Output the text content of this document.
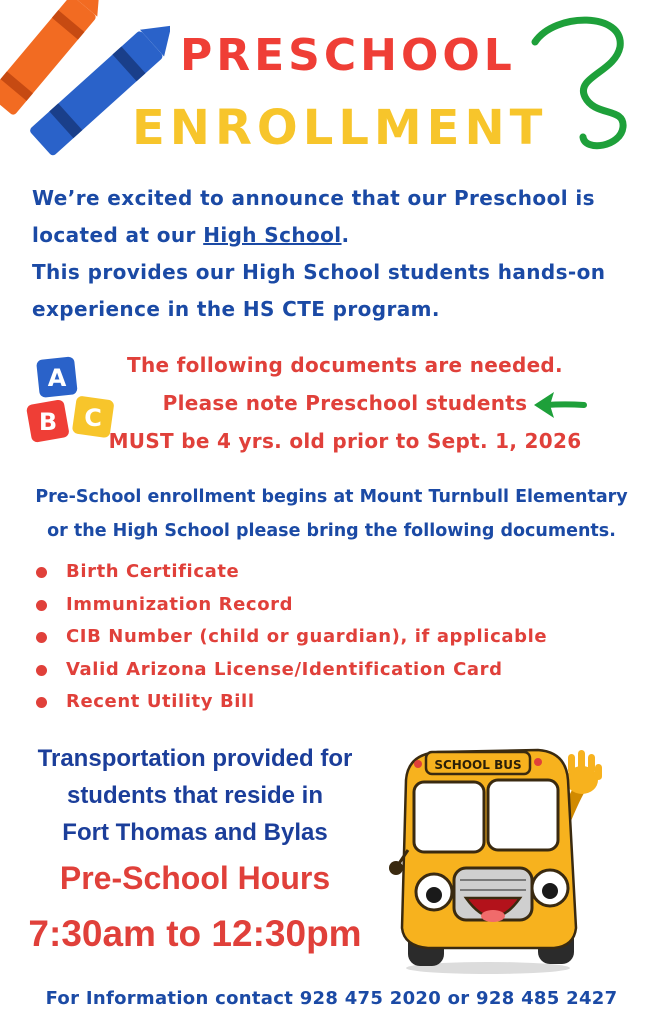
PRESCHOOL
ENROLLMENT
We’re excited to announce that our Preschool is
located at our High School.
This provides our High School students hands-on
experience in the HS CTE program.
A
B C
The following documents are needed.
Please note Preschool students
MUST be 4 yrs. old prior to Sept. 1, 2026
Pre-School enrollment begins at Mount Turnbull Elementary
or the High School please bring the following documents.
Birth Certificate
Immunization Record
CIB Number (child or guardian), if applicable
Valid Arizona License/Identification Card
Recent Utility Bill
Transportation provided for
students that reside in
Fort Thomas and Bylas
Pre-School Hours
7:30am to 12:30pm
SCHOOL BUS
For Information contact 928 475 2020 or 928 485 2427
